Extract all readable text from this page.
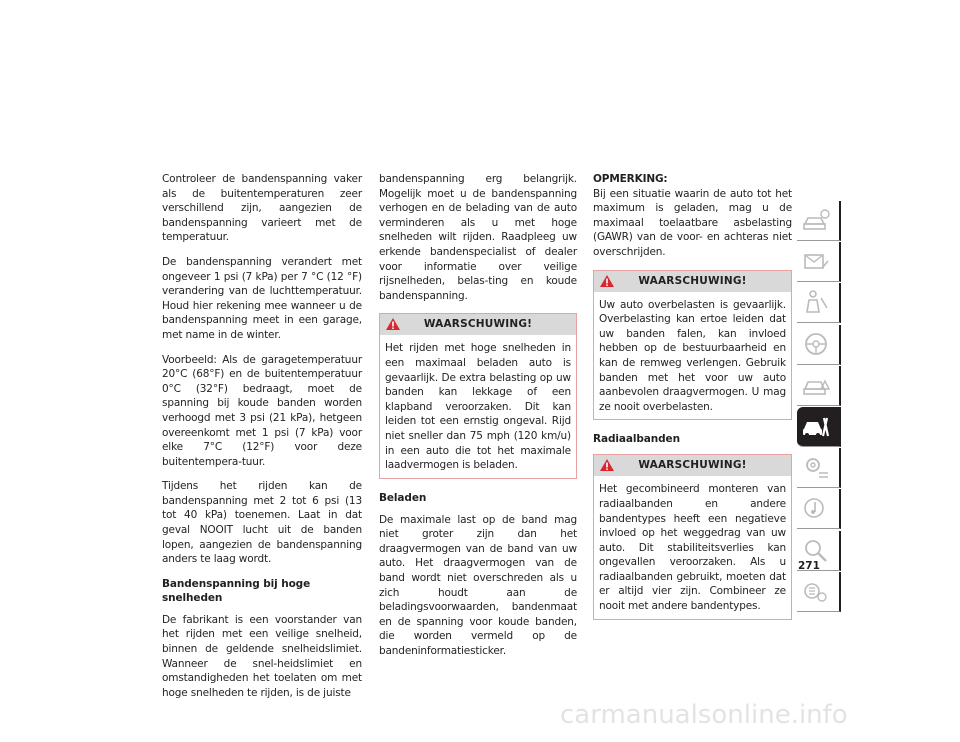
Controleer de bandenspanning vaker als de buitentemperaturen zeer verschillend zijn, aangezien de bandenspanning varieert met de temperatuur.

De bandenspanning verandert met ongeveer 1 psi (7 kPa) per 7 °C (12 °F) verandering van de luchttemperatuur. Houd hier rekening mee wanneer u de bandenspanning meet in een garage, met name in de winter.

Voorbeeld: Als de garagetemperatuur 20°C (68°F) en de buitentemperatuur 0°C (32°F) bedraagt, moet de spanning bij koude banden worden verhoogd met 3 psi (21 kPa), hetgeen overeenkomt met 1 psi (7 kPa) voor elke 7°C (12°F) voor deze buitentempera-tuur.

Tijdens het rijden kan de bandenspanning met 2 tot 6 psi (13 tot 40 kPa) toenemen. Laat in dat geval NOOIT lucht uit de banden lopen, aangezien de bandenspanning anders te laag wordt.

Bandenspanning bij hoge snelheden

De fabrikant is een voorstander van het rijden met een veilige snelheid, binnen de geldende snelheidslimiet. Wanneer de snel-heidslimiet en omstandigheden het toelaten om met hoge snelheden te rijden, is de juiste

bandenspanning erg belangrijk. Mogelijk moet u de bandenspanning verhogen en de belading van de auto verminderen als u met hoge snelheden wilt rijden. Raadpleeg uw erkende bandenspecialist of dealer voor informatie over veilige rijsnelheden, belas-ting en koude bandenspanning.

WAARSCHUWING!

Het rijden met hoge snelheden in een maximaal beladen auto is gevaarlijk. De extra belasting op uw banden kan lekkage of een klapband veroorzaken. Dit kan leiden tot een ernstig ongeval. Rijd niet sneller dan 75 mph (120 km/u) in een auto die tot het maximale laadvermogen is beladen.

Beladen

De maximale last op de band mag niet groter zijn dan het draagvermogen van de band van uw auto. Het draagvermogen van de band wordt niet overschreden als u zich houdt aan de beladingsvoorwaarden, bandenmaat en de spanning voor koude banden, die worden vermeld op de bandeninformatiesticker.

OPMERKING:

Bij een situatie waarin de auto tot het maximum is geladen, mag u de maximaal toelaatbare asbelasting (GAWR) van de voor- en achteras niet overschrijden.

WAARSCHUWING!

Uw auto overbelasten is gevaarlijk. Overbelasting kan ertoe leiden dat uw banden falen, kan invloed hebben op de bestuurbaarheid en kan de remweg verlengen. Gebruik banden met het voor uw auto aanbevolen draagvermogen. U mag ze nooit overbelasten.

Radiaalbanden
WAARSCHUWING!

Het gecombineerd monteren van radiaalbanden en andere bandentypes heeft een negatieve invloed op het weggedrag van uw auto. Dit stabiliteitsverlies kan ongevallen veroorzaken. Als u radiaalbanden gebruikt, moeten dat er altijd vier zijn. Combineer ze nooit met andere bandentypes.

271
carmanualsonline.info
